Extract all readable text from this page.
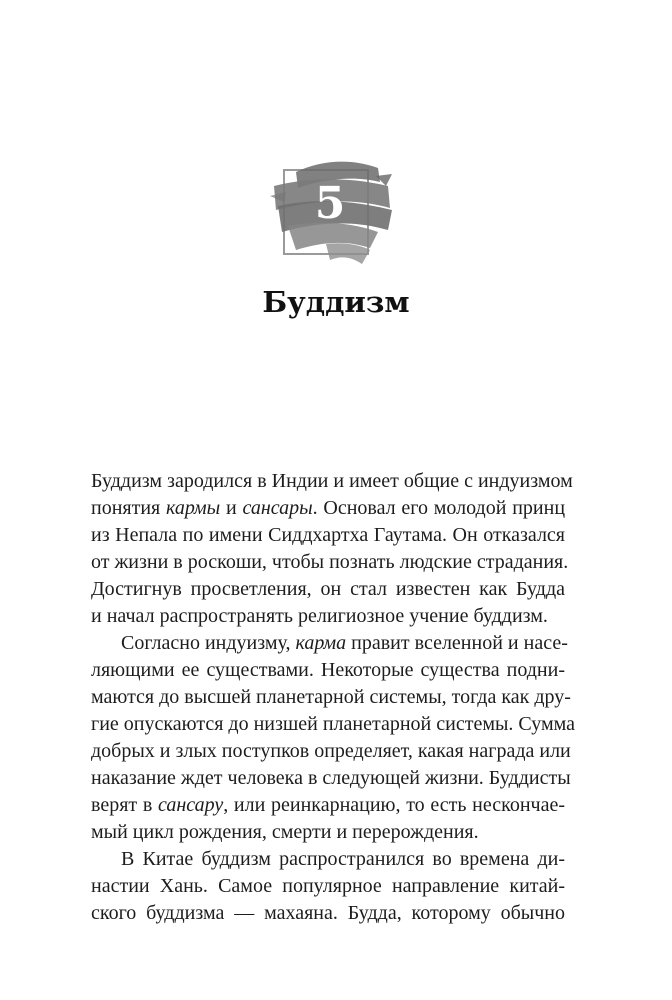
5
Буддизм
Буддизм зародился в Индии и имеет общие с индуизмом
понятия кармы и сансары. Основал его молодой принц
из Непала по имени Сиддхартха Гаутама. Он отказался
от жизни в роскоши, чтобы познать людские страдания.
Достигнув просветления, он стал известен как Будда
и начал распространять религиозное учение буддизм.
Согласно индуизму, карма правит вселенной и насе-
ляющими ее существами. Некоторые существа подни-
маются до высшей планетарной системы, тогда как дру-
гие опускаются до низшей планетарной системы. Сумма
добрых и злых поступков определяет, какая награда или
наказание ждет человека в следующей жизни. Буддисты
верят в сансару, или реинкарнацию, то есть нескончае-
мый цикл рождения, смерти и перерождения.
В Китае буддизм распространился во времена ди-
настии Хань. Самое популярное направление китай-
ского буддизма — махаяна. Будда, которому обычно
